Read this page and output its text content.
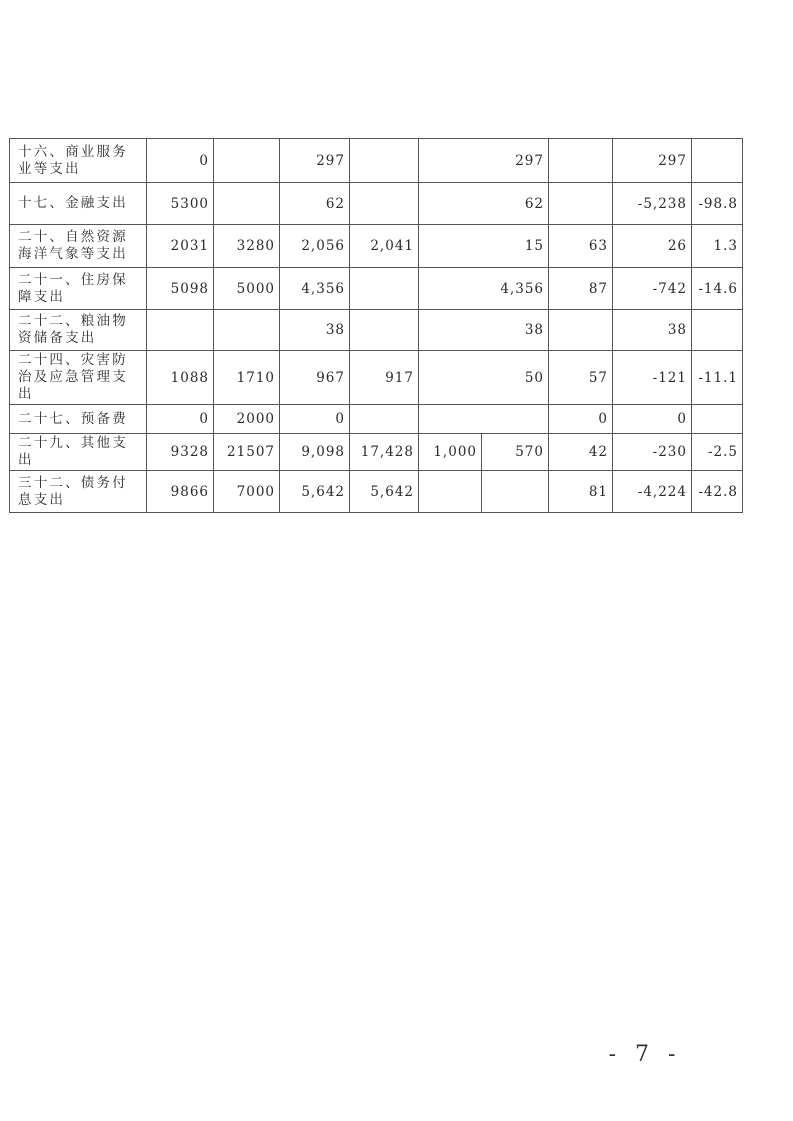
十六、商业服务业等支出	0		297		297			297	
十七、金融支出	5300		62		62			-5,238	-98.8
二十、自然资源海洋气象等支出	2031	3280	2,056	2,041	15		63	26	1.3
二十一、住房保障支出	5098	5000	4,356		4,356		87	-742	-14.6
二十二、粮油物资储备支出			38		38			38	
二十四、灾害防治及应急管理支出	1088	1710	967	917	50		57	-121	-11.1
二十七、预备费	0	2000	0				0	0	
二十九、其他支出	9328	21507	9,098	17,428	1,000	570	42	-230	-2.5
三十二、债务付息支出	9866	7000	5,642	5,642			81	-4,224	-42.8
- 7 -
